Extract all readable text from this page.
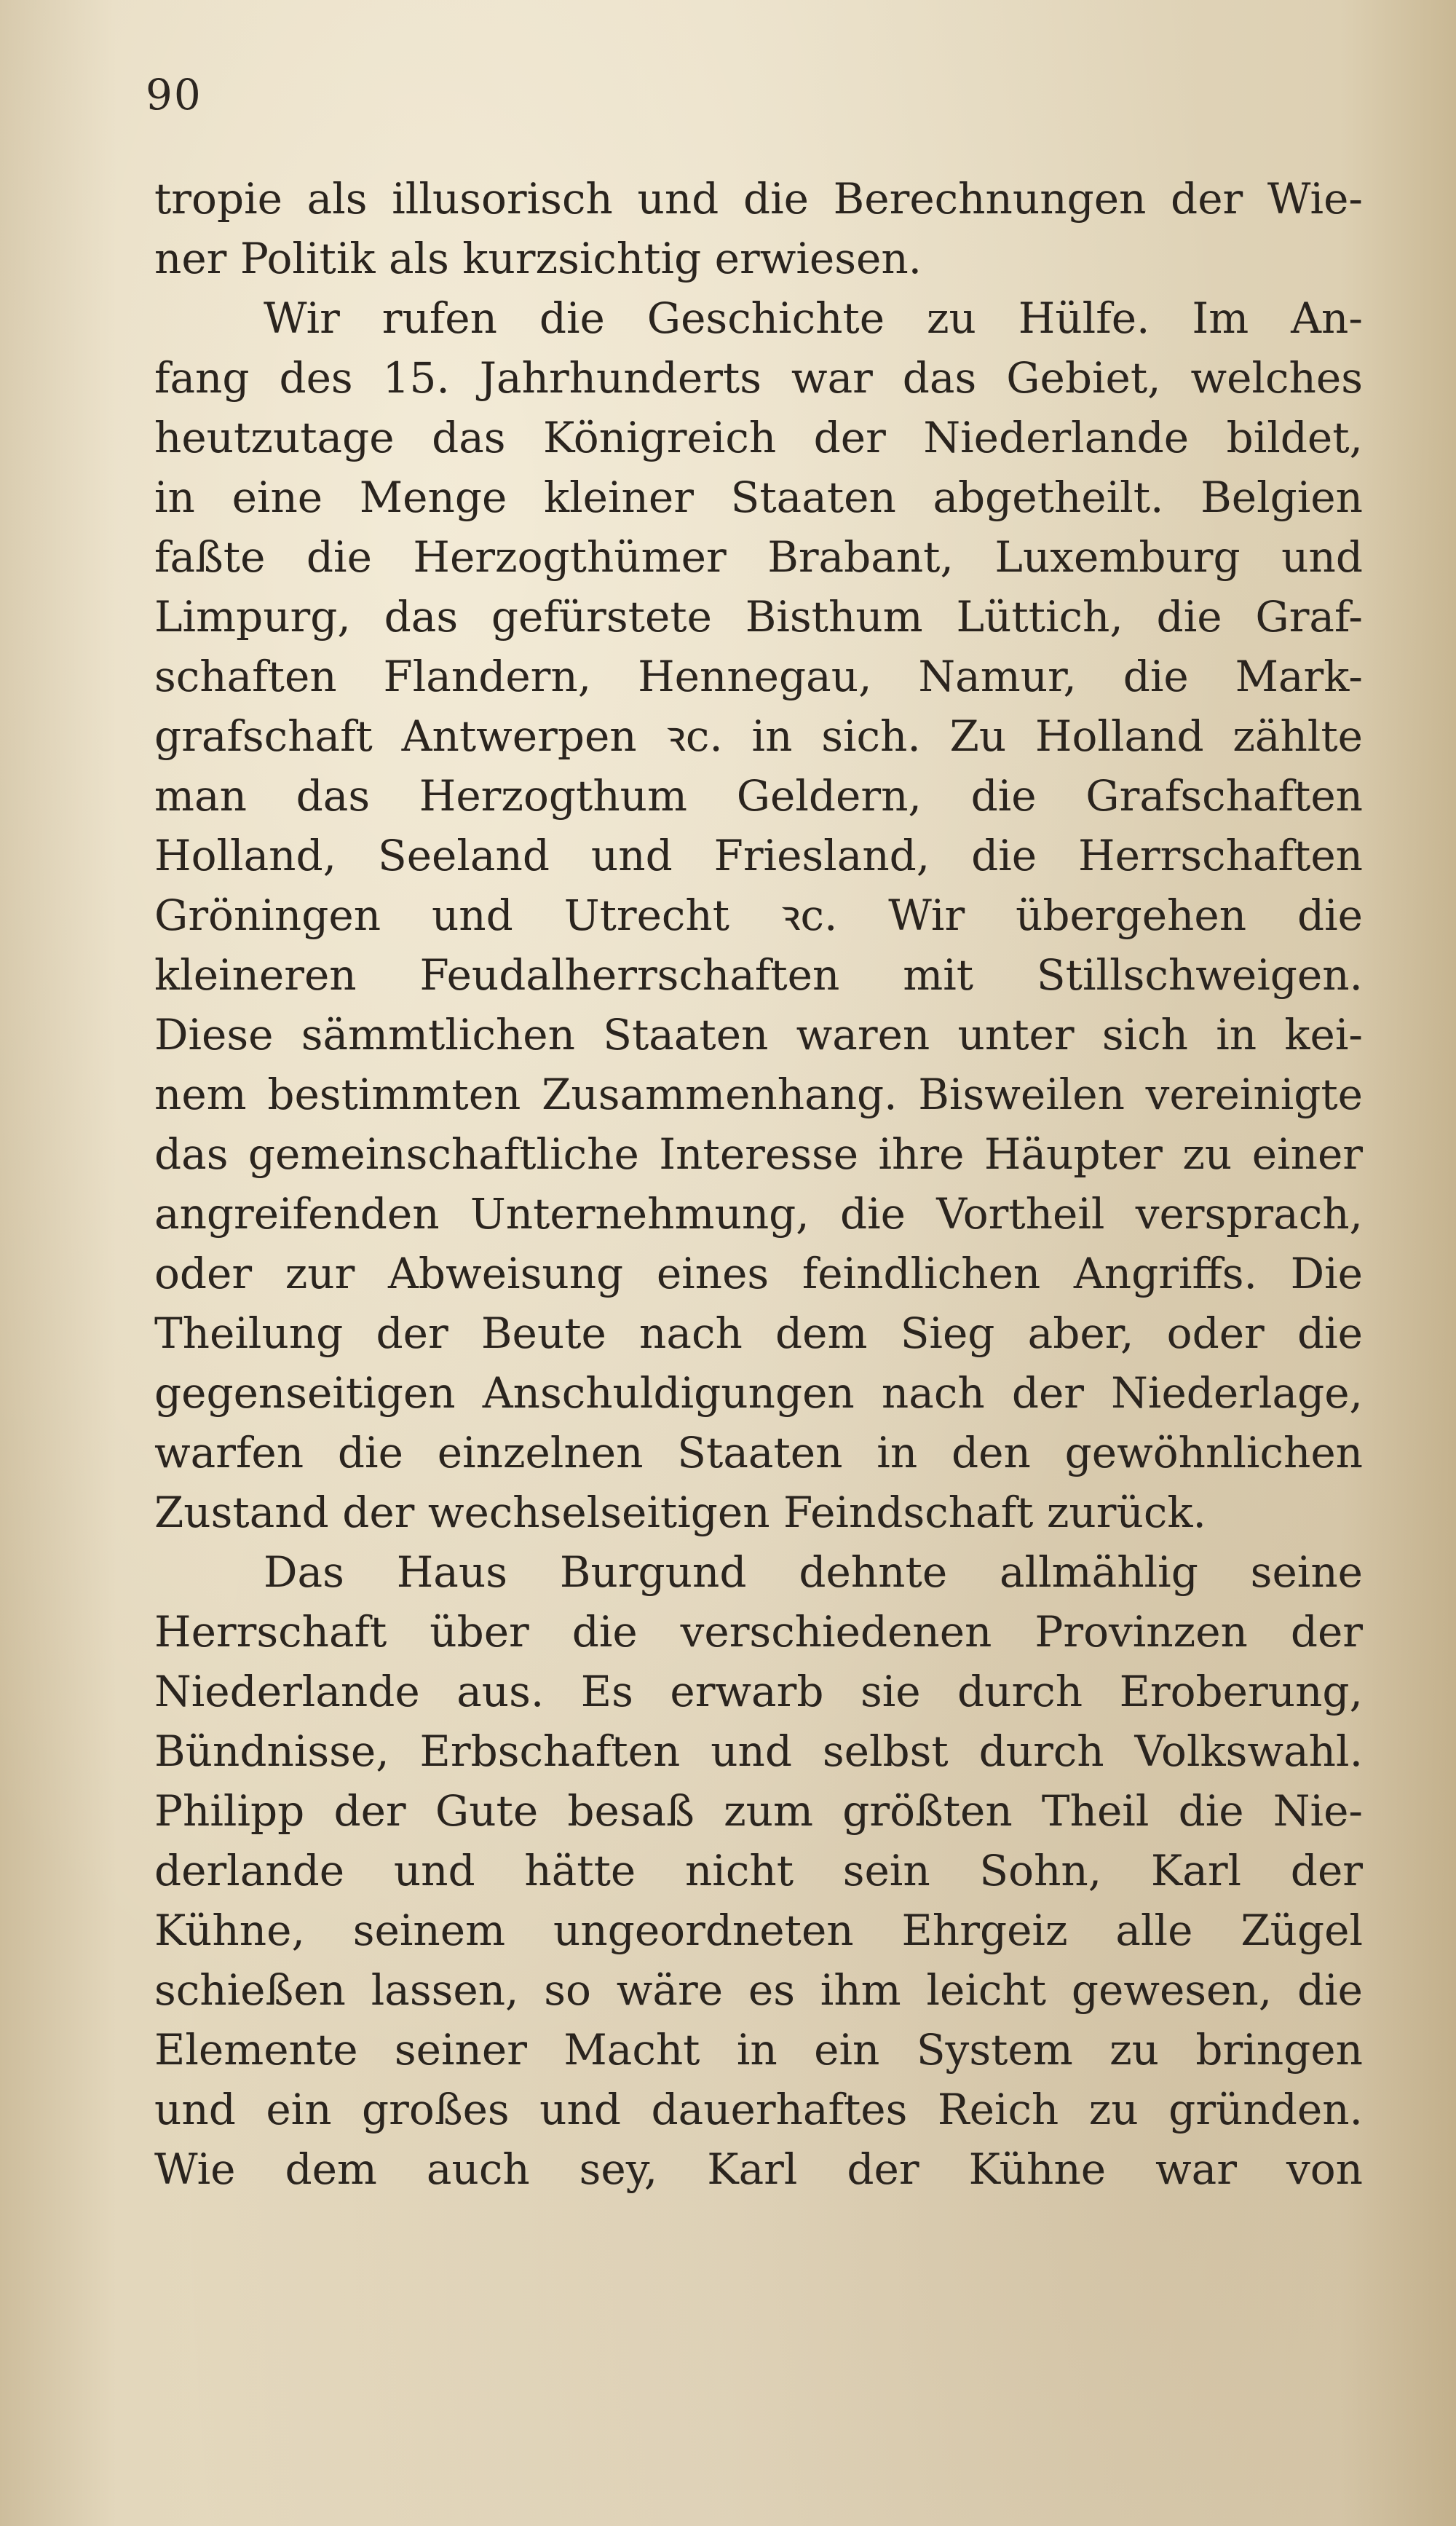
90
tropie als illusorisch und die Berechnungen der Wie-
ner Politik als kurzsichtig erwiesen.
Wir rufen die Geschichte zu Hülfe. Im An-
fang des 15. Jahrhunderts war das Gebiet, welches
heutzutage das Königreich der Niederlande bildet,
in eine Menge kleiner Staaten abgetheilt. Belgien
faßte die Herzogthümer Brabant, Luxemburg und
Limpurg, das gefürstete Bisthum Lüttich, die Graf-
schaften Flandern, Hennegau, Namur, die Mark-
grafschaft Antwerpen ꝛc. in sich. Zu Holland zählte
man das Herzogthum Geldern, die Grafschaften
Holland, Seeland und Friesland, die Herrschaften
Gröningen und Utrecht ꝛc. Wir übergehen die
kleineren Feudalherrschaften mit Stillschweigen.
Diese sämmtlichen Staaten waren unter sich in kei-
nem bestimmten Zusammenhang. Bisweilen vereinigte
das gemeinschaftliche Interesse ihre Häupter zu einer
angreifenden Unternehmung, die Vortheil versprach,
oder zur Abweisung eines feindlichen Angriffs. Die
Theilung der Beute nach dem Sieg aber, oder die
gegenseitigen Anschuldigungen nach der Niederlage,
warfen die einzelnen Staaten in den gewöhnlichen
Zustand der wechselseitigen Feindschaft zurück.
Das Haus Burgund dehnte allmählig seine
Herrschaft über die verschiedenen Provinzen der
Niederlande aus. Es erwarb sie durch Eroberung,
Bündnisse, Erbschaften und selbst durch Volkswahl.
Philipp der Gute besaß zum größten Theil die Nie-
derlande und hätte nicht sein Sohn, Karl der
Kühne, seinem ungeordneten Ehrgeiz alle Zügel
schießen lassen, so wäre es ihm leicht gewesen, die
Elemente seiner Macht in ein System zu bringen
und ein großes und dauerhaftes Reich zu gründen.
Wie dem auch sey, Karl der Kühne war von
